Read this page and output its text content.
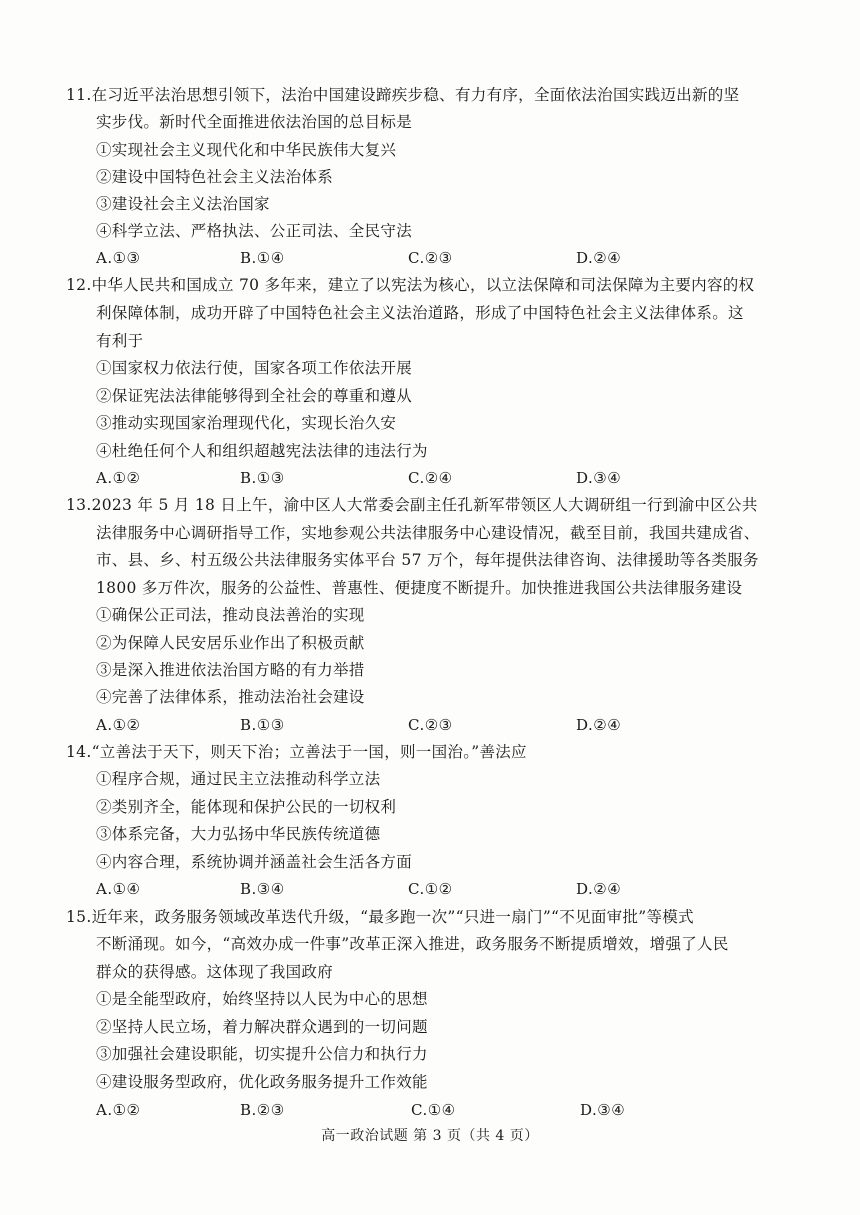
11.在习近平法治思想引领下，法治中国建设蹄疾步稳、有力有序，全面依法治国实践迈出新的坚
实步伐。新时代全面推进依法治国的总目标是
①实现社会主义现代化和中华民族伟大复兴
②建设中国特色社会主义法治体系
③建设社会主义法治国家
④科学立法、严格执法、公正司法、全民守法
A.①③	B.①④	C.②③	D.②④
12.中华人民共和国成立 70 多年来，建立了以宪法为核心，以立法保障和司法保障为主要内容的权
利保障体制，成功开辟了中国特色社会主义法治道路，形成了中国特色社会主义法律体系。这
有利于
①国家权力依法行使，国家各项工作依法开展
②保证宪法法律能够得到全社会的尊重和遵从
③推动实现国家治理现代化，实现长治久安
④杜绝任何个人和组织超越宪法法律的违法行为
A.①②	B.①③	C.②④	D.③④
13.2023 年 5 月 18 日上午，渝中区人大常委会副主任孔新军带领区人大调研组一行到渝中区公共
法律服务中心调研指导工作，实地参观公共法律服务中心建设情况，截至目前，我国共建成省、
市、县、乡、村五级公共法律服务实体平台 57 万个，每年提供法律咨询、法律援助等各类服务
1800 多万件次，服务的公益性、普惠性、便捷度不断提升。加快推进我国公共法律服务建设
①确保公正司法，推动良法善治的实现
②为保障人民安居乐业作出了积极贡献
③是深入推进依法治国方略的有力举措
④完善了法律体系，推动法治社会建设
A.①②	B.①③	C.②③	D.②④
14.“立善法于天下，则天下治；立善法于一国，则一国治。”善法应
①程序合规，通过民主立法推动科学立法
②类别齐全，能体现和保护公民的一切权利
③体系完备，大力弘扬中华民族传统道德
④内容合理，系统协调并涵盖社会生活各方面
A.①④	B.③④	C.①②	D.②④
15.近年来，政务服务领域改革迭代升级，“最多跑一次”“只进一扇门”“不见面审批”等模式
不断涌现。如今，“高效办成一件事”改革正深入推进，政务服务不断提质增效，增强了人民
群众的获得感。这体现了我国政府
①是全能型政府，始终坚持以人民为中心的思想
②坚持人民立场，着力解决群众遇到的一切问题
③加强社会建设职能，切实提升公信力和执行力
④建设服务型政府，优化政务服务提升工作效能
A.①②	B.②③	C.①④	D.③④
高一政治试题 第 3 页（共 4 页）
